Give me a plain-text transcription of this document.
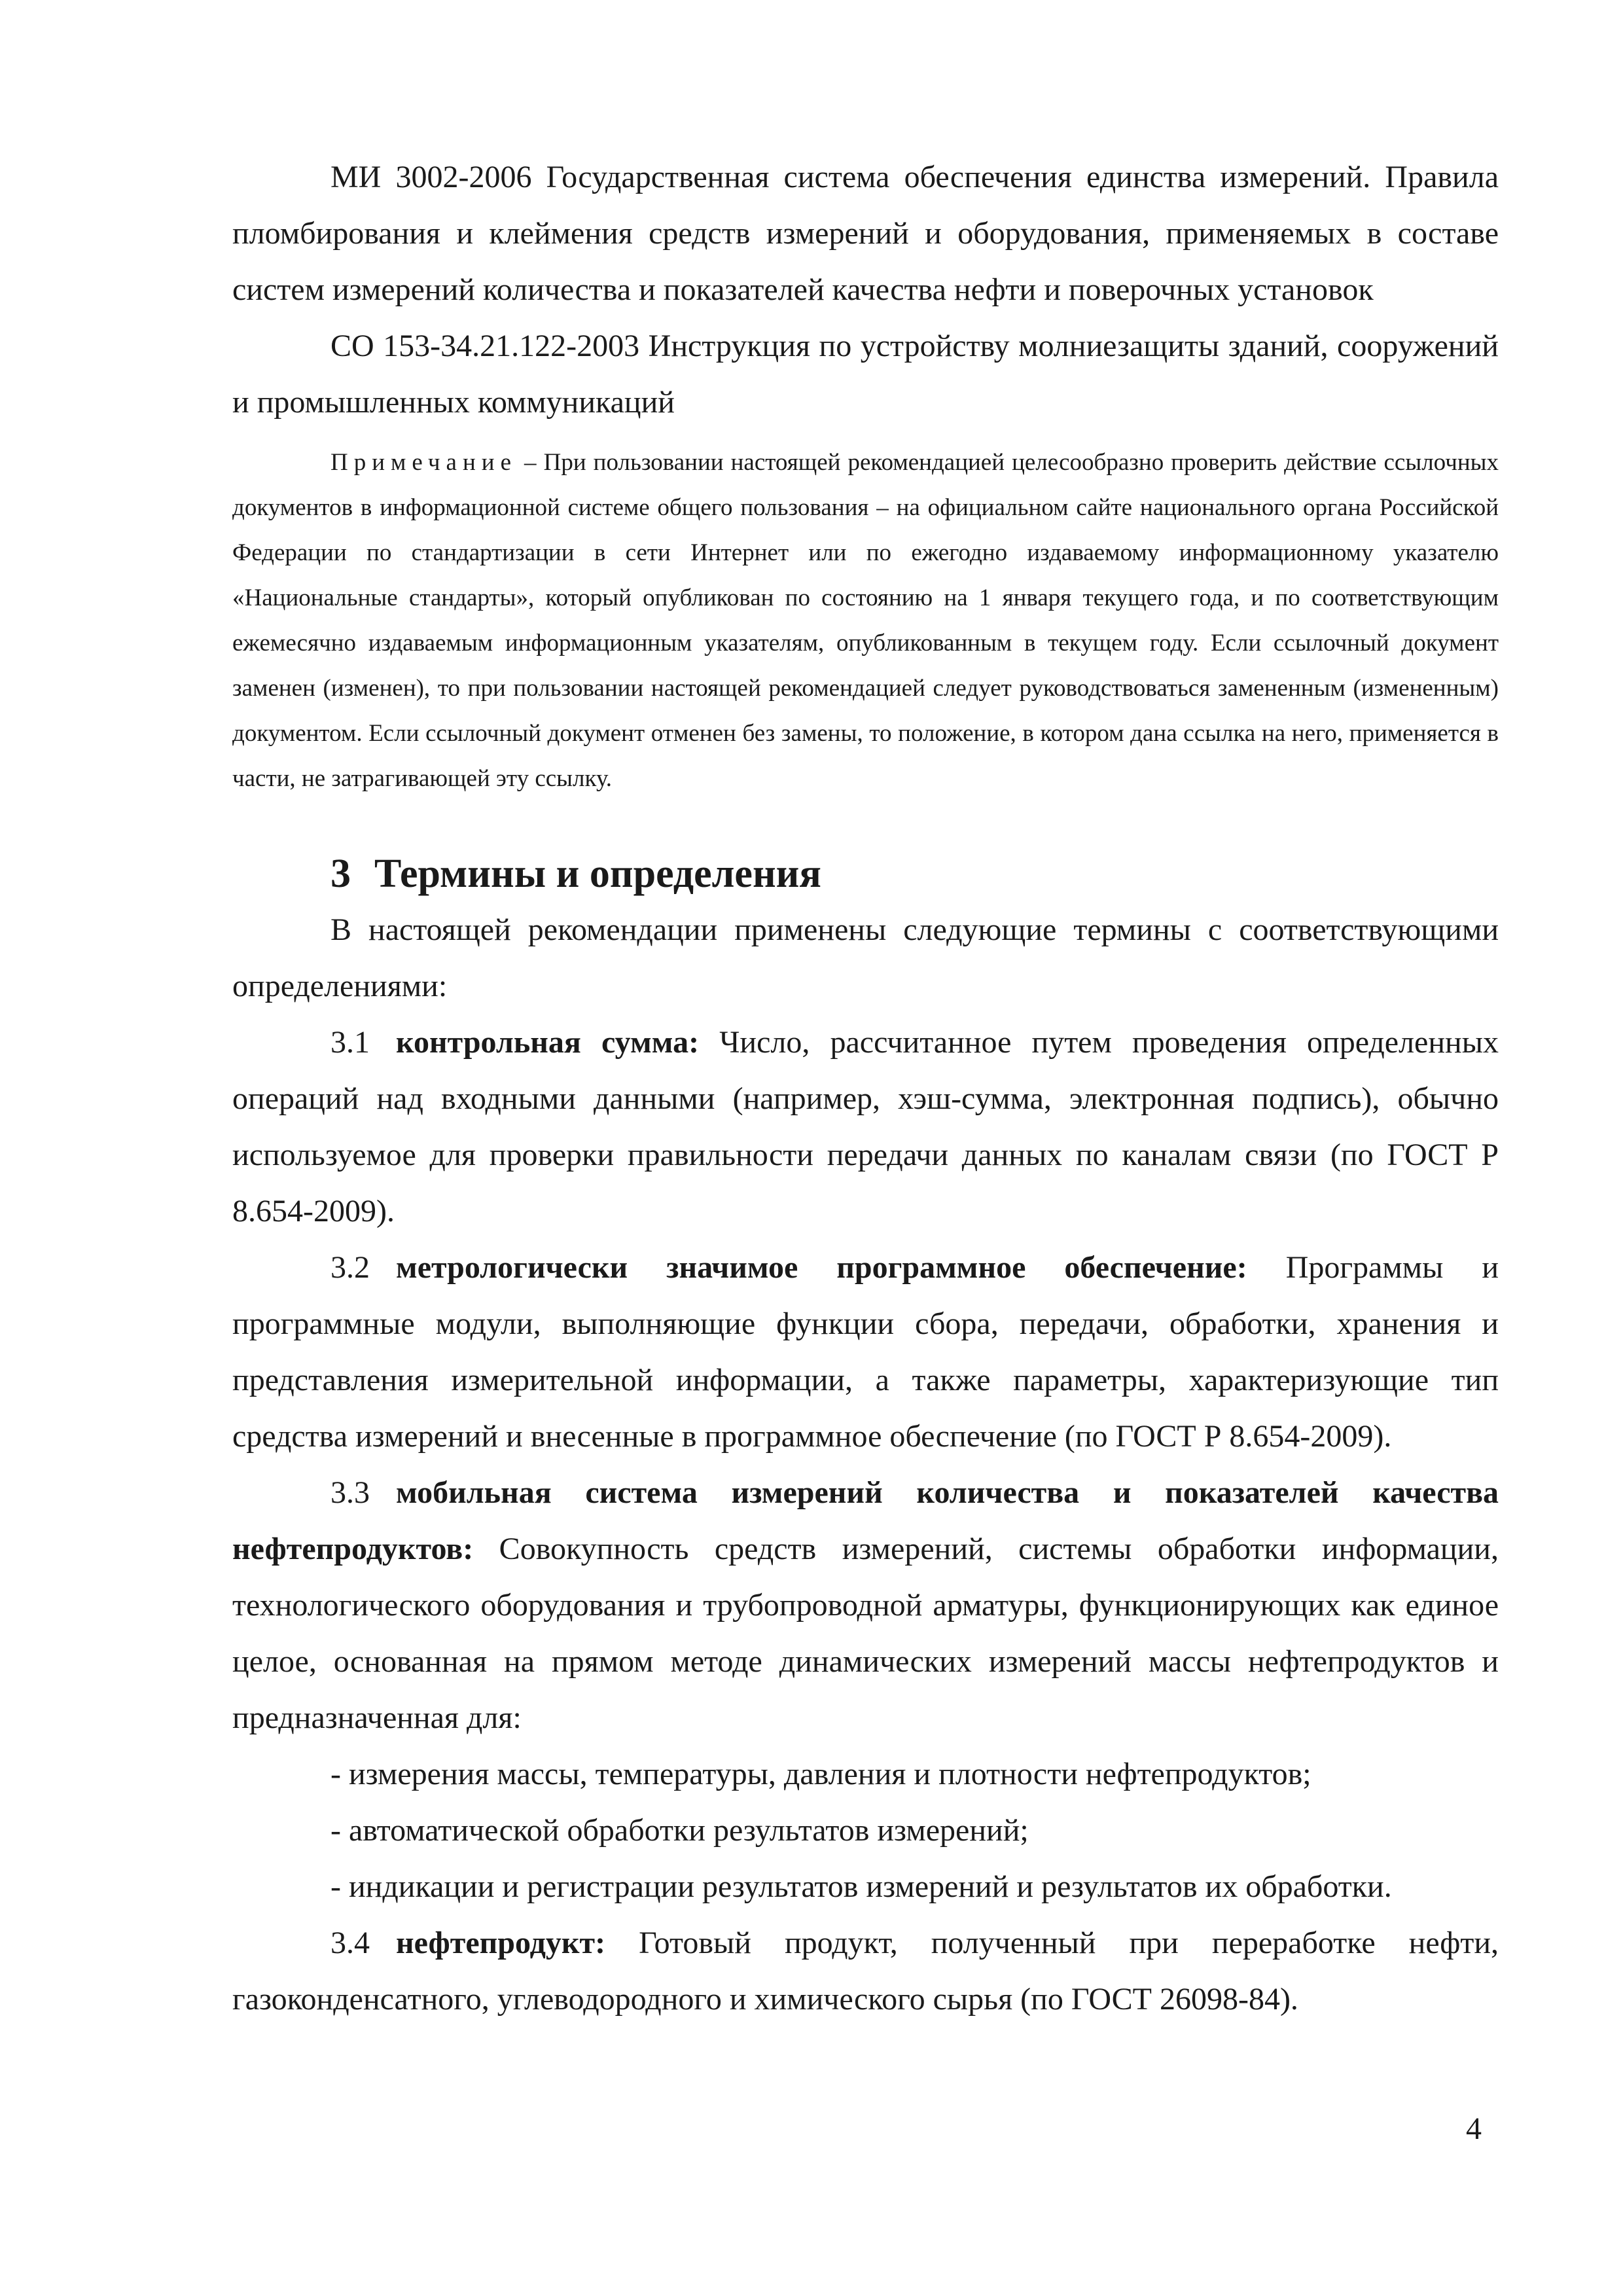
МИ 3002-2006 Государственная система обеспечения единства измерений. Правила пломбирования и клеймения средств измерений и оборудования, применяемых в составе систем измерений количества и показателей качества нефти и поверочных установок

СО 153-34.21.122-2003 Инструкция по устройству молниезащиты зданий, сооружений и промышленных коммуникаций

Примечание – При пользовании настоящей рекомендацией целесообразно проверить действие ссылочных документов в информационной системе общего пользования – на официальном сайте национального органа Российской Федерации по стандартизации в сети Интернет или по ежегодно издаваемому информационному указателю «Национальные стандарты», который опубликован по состоянию на 1 января текущего года, и по соответствующим ежемесячно издаваемым информационным указателям, опубликованным в текущем году. Если ссылочный документ заменен (изменен), то при пользовании настоящей рекомендацией следует руководствоваться замененным (измененным) документом. Если ссылочный документ отменен без замены, то положение, в котором дана ссылка на него, применяется в части, не затрагивающей эту ссылку.

3 Термины и определения

В настоящей рекомендации применены следующие термины с соответствующими определениями:

3.1 контрольная сумма: Число, рассчитанное путем проведения определенных операций над входными данными (например, хэш-сумма, электронная подпись), обычно используемое для проверки правильности передачи данных по каналам связи (по ГОСТ Р 8.654-2009).

3.2 метрологически значимое программное обеспечение: Программы и программные модули, выполняющие функции сбора, передачи, обработки, хранения и представления измерительной информации, а также параметры, характеризующие тип средства измерений и внесенные в программное обеспечение (по ГОСТ Р 8.654-2009).

3.3 мобильная система измерений количества и показателей качества нефтепродуктов: Совокупность средств измерений, системы обработки информации, технологического оборудования и трубопроводной арматуры, функционирующих как единое целое, основанная на прямом методе динамических измерений массы нефтепродуктов и предназначенная для:

- измерения массы, температуры, давления и плотности нефтепродуктов;

- автоматической обработки результатов измерений;

- индикации и регистрации результатов измерений и результатов их обработки.

3.4 нефтепродукт: Готовый продукт, полученный при переработке нефти, газоконденсатного, углеводородного и химического сырья (по ГОСТ 26098-84).

4
